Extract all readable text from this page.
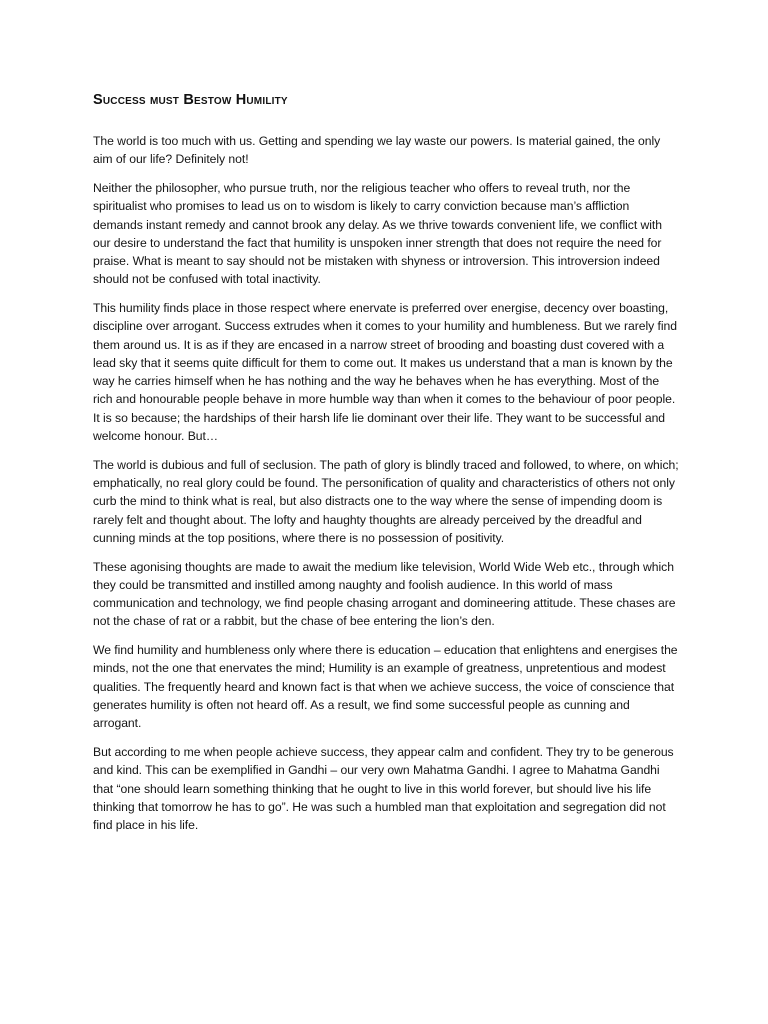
Success must Bestow Humility

The world is too much with us. Getting and spending we lay waste our powers. Is material gained, the only aim of our life? Definitely not!

Neither the philosopher, who pursue truth, nor the religious teacher who offers to reveal truth, nor the spiritualist who promises to lead us on to wisdom is likely to carry conviction because man’s affliction demands instant remedy and cannot brook any delay. As we thrive towards convenient life, we conflict with our desire to understand the fact that humility is unspoken inner strength that does not require the need for praise. What is meant to say should not be mistaken with shyness or introversion. This introversion indeed should not be confused with total inactivity.

This humility finds place in those respect where enervate is preferred over energise, decency over boasting, discipline over arrogant. Success extrudes when it comes to your humility and humbleness. But we rarely find them around us. It is as if they are encased in a narrow street of brooding and boasting dust covered with a lead sky that it seems quite difficult for them to come out. It makes us understand that a man is known by the way he carries himself when he has nothing and the way he behaves when he has everything. Most of the rich and honourable people behave in more humble way than when it comes to the behaviour of poor people. It is so because; the hardships of their harsh life lie dominant over their life. They want to be successful and welcome honour. But…

The world is dubious and full of seclusion. The path of glory is blindly traced and followed, to where, on which; emphatically, no real glory could be found. The personification of quality and characteristics of others not only curb the mind to think what is real, but also distracts one to the way where the sense of impending doom is rarely felt and thought about. The lofty and haughty thoughts are already perceived by the dreadful and cunning minds at the top positions, where there is no possession of positivity.

These agonising thoughts are made to await the medium like television, World Wide Web etc., through which they could be transmitted and instilled among naughty and foolish audience. In this world of mass communication and technology, we find people chasing arrogant and domineering attitude. These chases are not the chase of rat or a rabbit, but the chase of bee entering the lion’s den.

We find humility and humbleness only where there is education – education that enlightens and energises the minds, not the one that enervates the mind; Humility is an example of greatness, unpretentious and modest qualities. The frequently heard and known fact is that when we achieve success, the voice of conscience that generates humility is often not heard off. As a result, we find some successful people as cunning and arrogant.

But according to me when people achieve success, they appear calm and confident. They try to be generous and kind. This can be exemplified in Gandhi – our very own Mahatma Gandhi. I agree to Mahatma Gandhi that “one should learn something thinking that he ought to live in this world forever, but should live his life thinking that tomorrow he has to go”. He was such a humbled man that exploitation and segregation did not find place in his life.
